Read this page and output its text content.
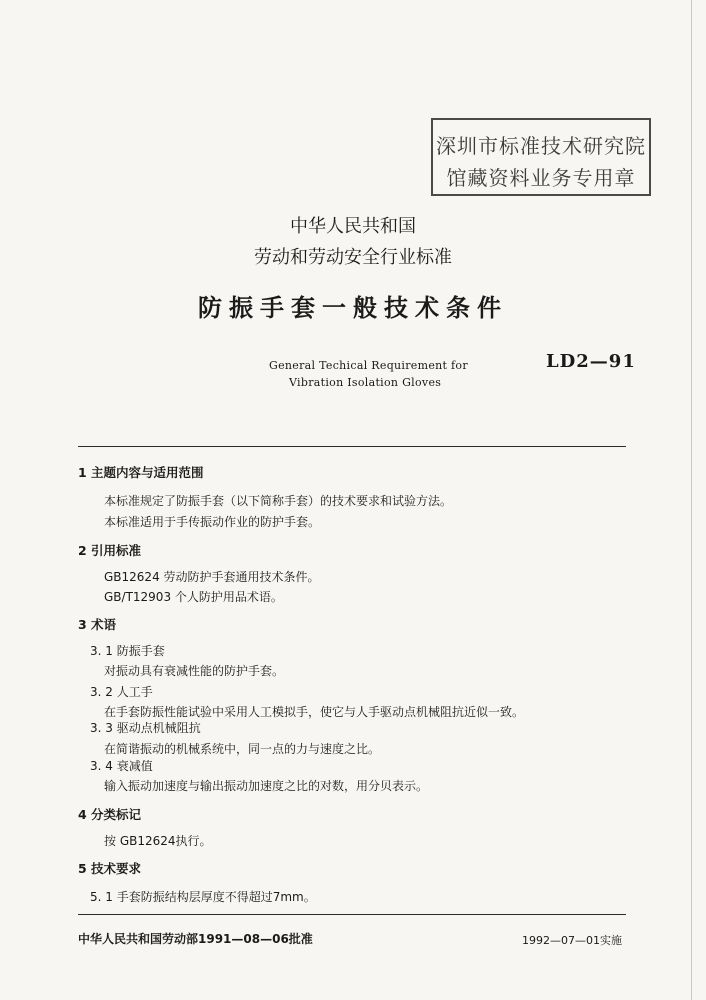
深圳市标准技术研究院
馆藏资料业务专用章
中华人民共和国
劳动和劳动安全行业标准
防振手套一般技术条件
General Techical Requirement for
Vibration Isolation Gloves
LD2—91
1 主题内容与适用范围
本标准规定了防振手套（以下简称手套）的技术要求和试验方法。
本标准适用于手传振动作业的防护手套。
2 引用标准
GB12624 劳动防护手套通用技术条件。
GB/T12903 个人防护用品术语。
3 术语
3. 1 防振手套
对振动具有衰减性能的防护手套。
3. 2 人工手
在手套防振性能试验中采用人工模拟手，使它与人手驱动点机械阻抗近似一致。
3. 3 驱动点机械阻抗
在简谐振动的机械系统中，同一点的力与速度之比。
3. 4 衰减值
输入振动加速度与输出振动加速度之比的对数，用分贝表示。
4 分类标记
按 GB12624执行。
5 技术要求
5. 1 手套防振结构层厚度不得超过7mm。
中华人民共和国劳动部1991—08—06批准	1992—07—01实施
